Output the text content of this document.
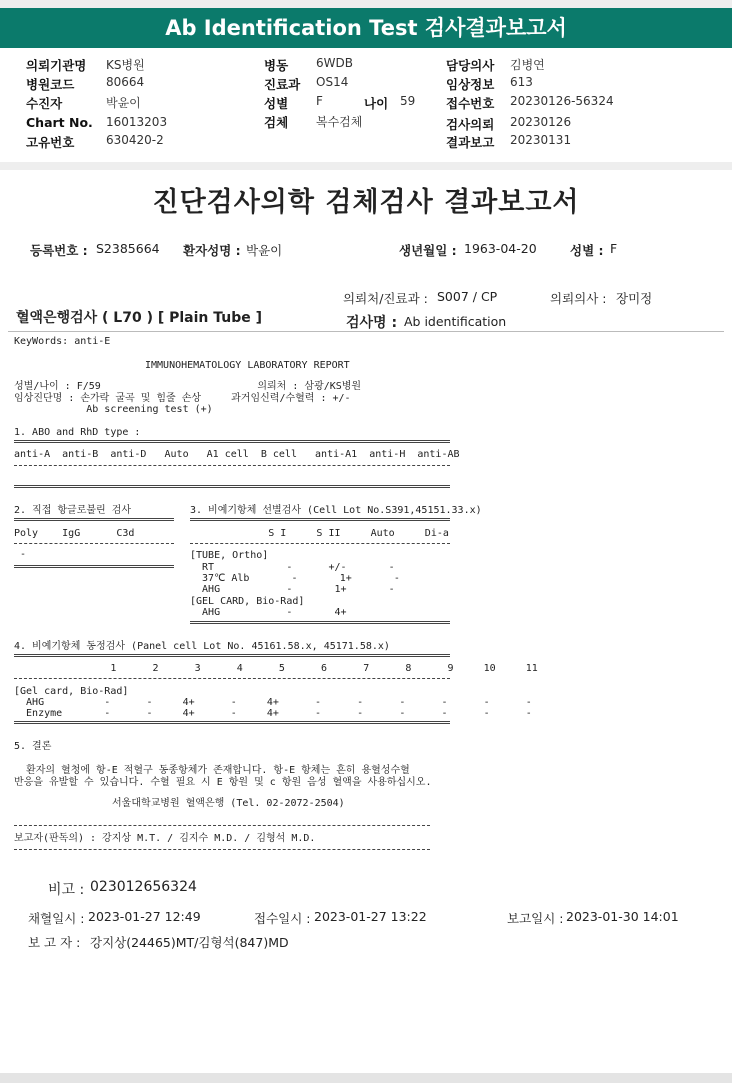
Ab Identification Test 검사결과보고서
의뢰기관명 KS병원
병원코드	80664
수진자	박윤이
Chart No. 16013203
고유번호	630420-2
병동 6WDB
진료과 OS14
성별 F	나이 59
검체 복수검체
담당의사 김병연
임상정보 613
접수번호 20230126-56324
검사의뢰 20230126
결과보고 20230131
진단검사의학 검체검사 결과보고서
등록번호 : S2385664 환자성명 : 박윤이	생년월일 : 1963-04-20	성별 : F
의뢰처/진료과 : S007 / CP	의뢰의사 : 장미정
혈액은행검사 ( L70 ) [ Plain Tube ]	검사명 : Ab identification
KeyWords: anti-E
IMMUNOHEMATOLOGY LABORATORY REPORT
성별/나이 : F/59                          의뢰처 : 삼광/KS병원
임상진단명 : 손가락 굴곡 및 힘줄 손상     과거임신력/수혈력 : +/-
Ab screening test (+)
1. ABO and RhD type :
anti-A  anti-B  anti-D   Auto   A1 cell  B cell   anti-A1  anti-H  anti-AB
2. 직접 항글로불린 검사
Poly    IgG      C3d
-
3. 비예기항체 선별검사 (Cell Lot No.S391,45151.33.x)
S I     S II     Auto     Di-a
[TUBE, Ortho]
RT            -      +/-       -
37℃ Alb       -       1+       -
AHG           -       1+       -
[GEL CARD, Bio-Rad]
AHG           -       4+
4. 비예기항체 동정검사 (Panel cell Lot No. 45161.58.x, 45171.58.x)
1      2      3      4      5      6      7      8      9     10     11
[Gel card, Bio-Rad]
AHG          -      -     4+      -     4+      -      -      -      -      -      -
Enzyme       -      -     4+      -     4+      -      -      -      -      -      -
5. 결론
환자의 혈청에 항-E 적혈구 동종항체가 존재합니다. 항-E 항체는 흔히 용혈성수혈
반응을 유발할 수 있습니다. 수혈 필요 시 E 항원 및 c 항원 음성 혈액을 사용하십시오.
서울대학교병원 혈액은행 (Tel. 02-2072-2504)
보고자(판독의) : 강지상 M.T. / 김지수 M.D. / 김형석 M.D.
비고 : 023012656324
채혈일시 : 2023-01-27 12:49	접수일시 : 2023-01-27 13:22	보고일시 : 2023-01-30 14:01
보 고 자 : 강지상(24465)MT/김형석(847)MD
